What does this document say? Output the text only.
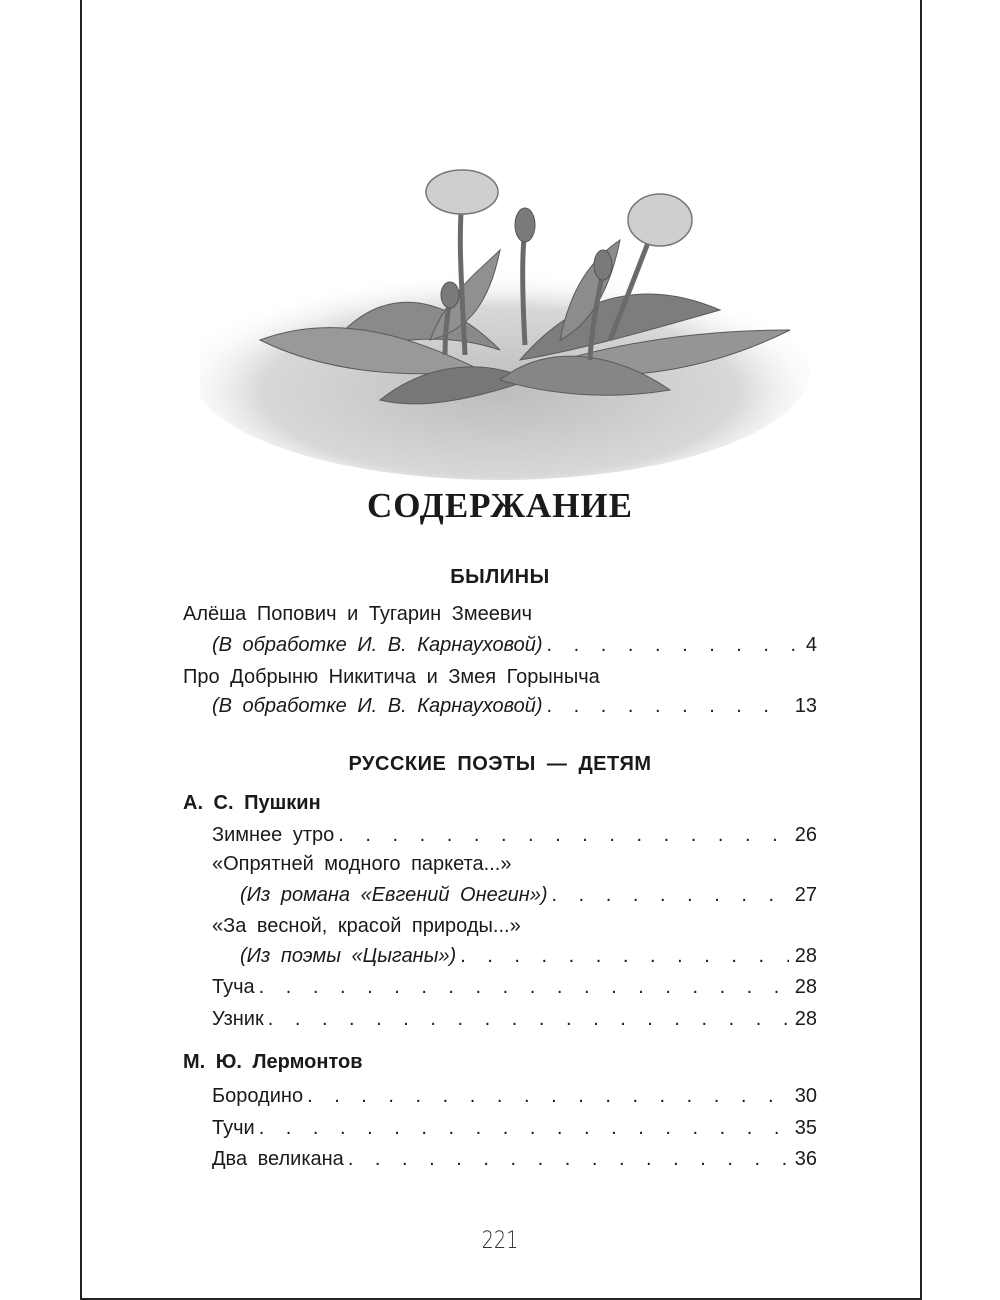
СОДЕРЖАНИЕ
БЫЛИНЫ
Алёша Попович и Тугарин Змеевич
(В обработке И. В. Карнауховой) . . .	4
Про Добрыню Никитича и Змея Горыныча
(В обработке И. В. Карнауховой) . . .	13
РУССКИЕ ПОЭТЫ — ДЕТЯМ
А. С. Пушкин
Зимнее утро . . .	26
«Опрятней модного паркета...»
(Из романа «Евгений Онегин») . . .	27
«За весной, красой природы...»
(Из поэмы «Цыганы») . . .	28
Туча . . .	28
Узник . . .	28
М. Ю. Лермонтов
Бородино . . .	30
Тучи . . .	35
Два великана . . .	36
221
